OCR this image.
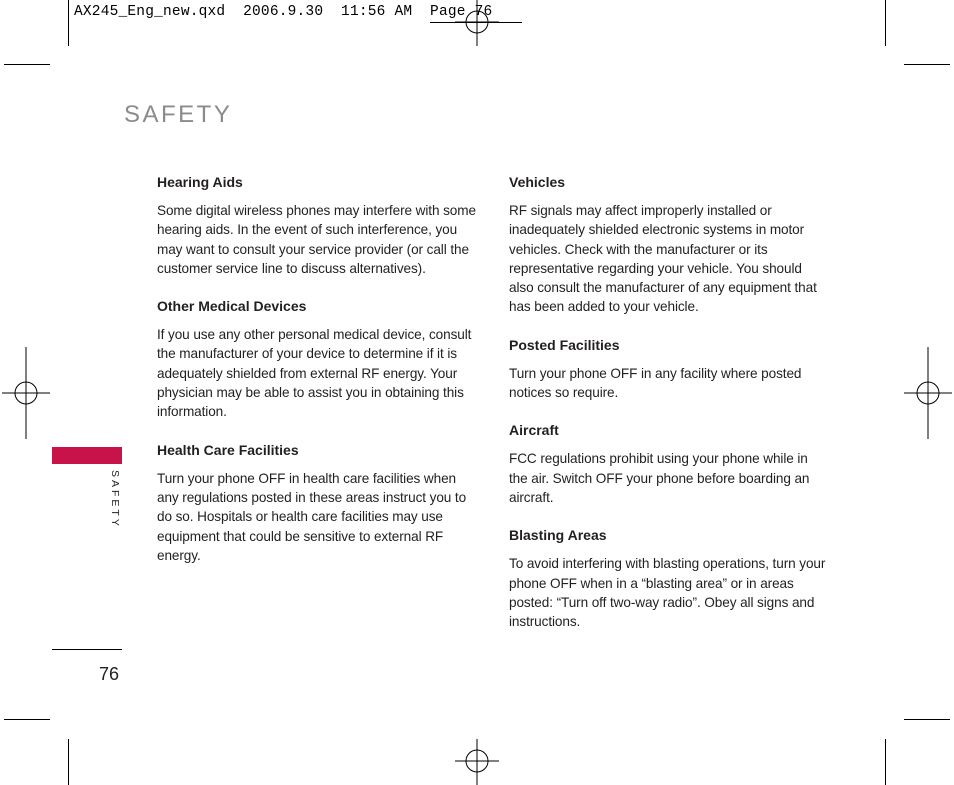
AX245_Eng_new.qxd  2006.9.30  11:56 AM  Page 76
SAFETY
SAFETY
Hearing Aids

Some digital wireless phones may interfere with some hearing aids. In the event of such interference, you may want to consult your service provider (or call the customer service line to discuss alternatives).

Other Medical Devices

If you use any other personal medical device, consult the manufacturer of your device to determine if it is adequately shielded from external RF energy. Your physician may be able to assist you in obtaining this information.

Health Care Facilities

Turn your phone OFF in health care facilities when any regulations posted in these areas instruct you to do so. Hospitals or health care facilities may use equipment that could be sensitive to external RF energy.

Vehicles

RF signals may affect improperly installed or inadequately shielded electronic systems in motor vehicles. Check with the manufacturer or its representative regarding your vehicle. You should also consult the manufacturer of any equipment that has been added to your vehicle.

Posted Facilities

Turn your phone OFF in any facility where posted notices so require.

Aircraft

FCC regulations prohibit using your phone while in the air. Switch OFF your phone before boarding an aircraft.

Blasting Areas

To avoid interfering with blasting operations, turn your phone OFF when in a “blasting area” or in areas posted: “Turn off two-way radio”. Obey all signs and instructions.

76
